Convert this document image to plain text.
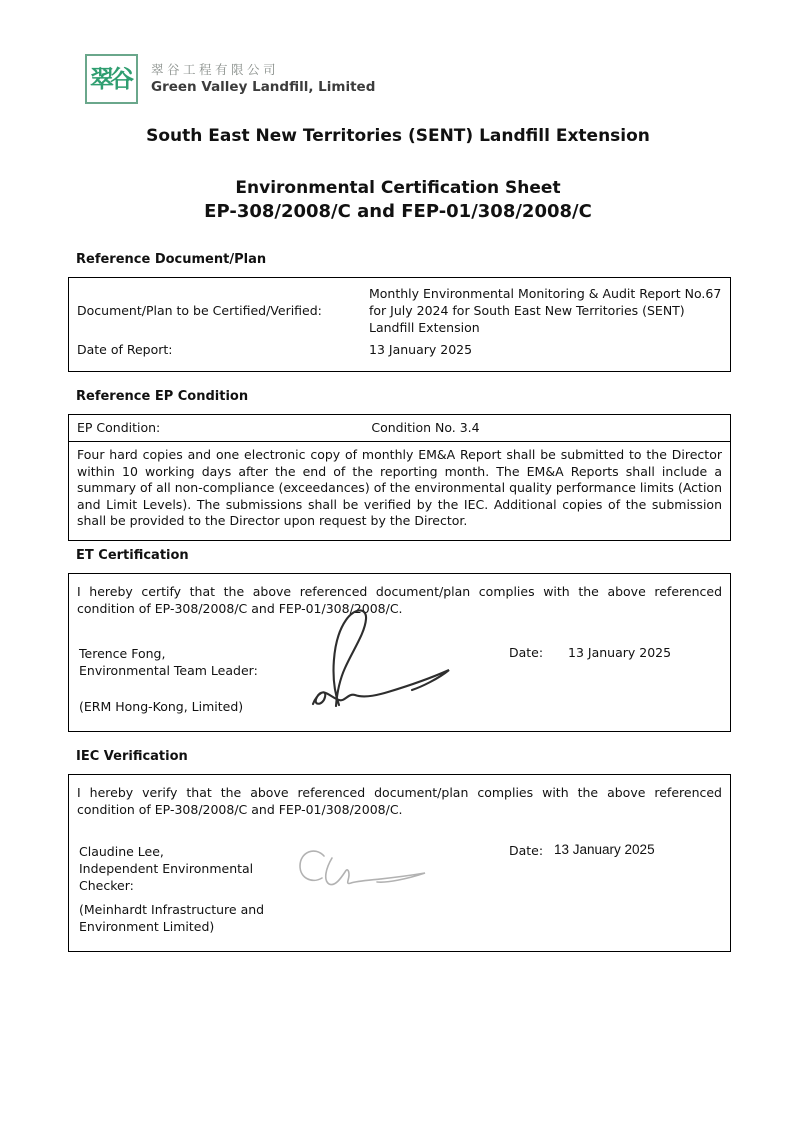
翠谷 翠谷工程有限公司
Green Valley Landfill, Limited
South East New Territories (SENT) Landfill Extension
Environmental Certification Sheet
EP-308/2008/C and FEP-01/308/2008/C
Reference Document/Plan
Document/Plan to be Certified/Verified:
Monthly Environmental Monitoring & Audit Report No.67 for July 2024 for South East New Territories (SENT) Landfill Extension
Date of Report:	13 January 2025
Reference EP Condition
EP Condition:	Condition No. 3.4
Four hard copies and one electronic copy of monthly EM&A Report shall be submitted to the Director within 10 working days after the end of the reporting month. The EM&A Reports shall include a summary of all non-compliance (exceedances) of the environmental quality performance limits (Action and Limit Levels). The submissions shall be verified by the IEC. Additional copies of the submission shall be provided to the Director upon request by the Director.
ET Certification
I hereby certify that the above referenced document/plan complies with the above referenced condition of EP-308/2008/C and FEP-01/308/2008/C.
Terence Fong,
Environmental Team Leader:
(ERM Hong-Kong, Limited)
Date: 13 January 2025
IEC Verification
I hereby verify that the above referenced document/plan complies with the above referenced condition of EP-308/2008/C and FEP-01/308/2008/C.
Claudine Lee,
Independent Environmental Checker:
(Meinhardt Infrastructure and Environment Limited)
Date: 13 January 2025
